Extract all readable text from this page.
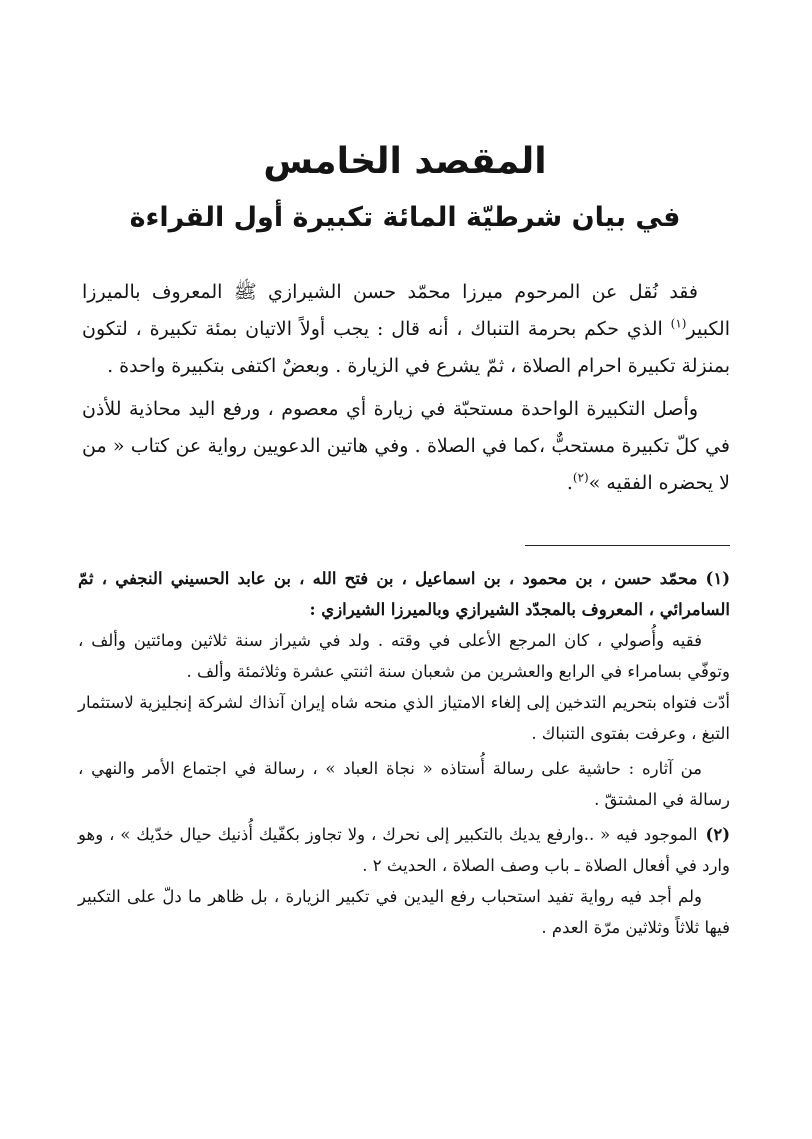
المقصد الخامس
في بيان شرطيّة المائة تكبيرة أول القراءة

فقد نُقل عن المرحوم ميرزا محمّد حسن الشيرازي ﷺ المعروف بالميرزا الكبير$^{(١)}$ الذي حكم بحرمة التنباك ، أنه قال : يجب أولاً الاتيان بمئة تكبيرة ، لتكون بمنزلة تكبيرة احرام الصلاة ، ثمّ يشرع في الزيارة . وبعضٌ اكتفى بتكبيرة واحدة .

وأصل التكبيرة الواحدة مستحبّة في زيارة أي معصوم ، ورفع اليد محاذية للأذن في كلّ تكبيرة مستحبٌّ ،كما في الصلاة . وفي هاتين الدعويين رواية عن كتاب « من لا يحضره الفقيه »$^{(٢)}$.

(١)محمّد حسن ، بن محمود ، بن اسماعيل ، بن فتح الله ، بن عابد الحسيني النجفي ، ثمّ السامرائي ، المعروف بالمجدّد الشيرازي وبالميرزا الشيرازي :

فقيه وأُصولي ، كان المرجع الأعلى في وقته . ولد في شيراز سنة ثلاثين ومائتين وألف ، وتوفّي بسامراء في الرابع والعشرين من شعبان سنة اثنتي عشرة وثلاثمئة وألف .

أدّت فتواه بتحريم التدخين إلى إلغاء الامتياز الذي منحه شاه إيران آنذاك لشركة إنجليزية لاستثمار التبغ ، وعرفت بفتوى التنباك .

من آثاره : حاشية على رسالة أُستاذه « نجاة العباد » ، رسالة في اجتماع الأمر والنهي ، رسالة في المشتقّ .

(٢)الموجود فيه « ..وارفع يديك بالتكبير إلى نحرك ، ولا تجاوز بكفّيك أُذنيك حيال خدّيك » ، وهو وارد في أفعال الصلاة ـ باب وصف الصلاة ، الحديث ٢ .

ولم أجد فيه رواية تفيد استحباب رفع اليدين في تكبير الزيارة ، بل ظاهر ما دلّ على التكبير فيها ثلاثاً وثلاثين مرّة العدم .
